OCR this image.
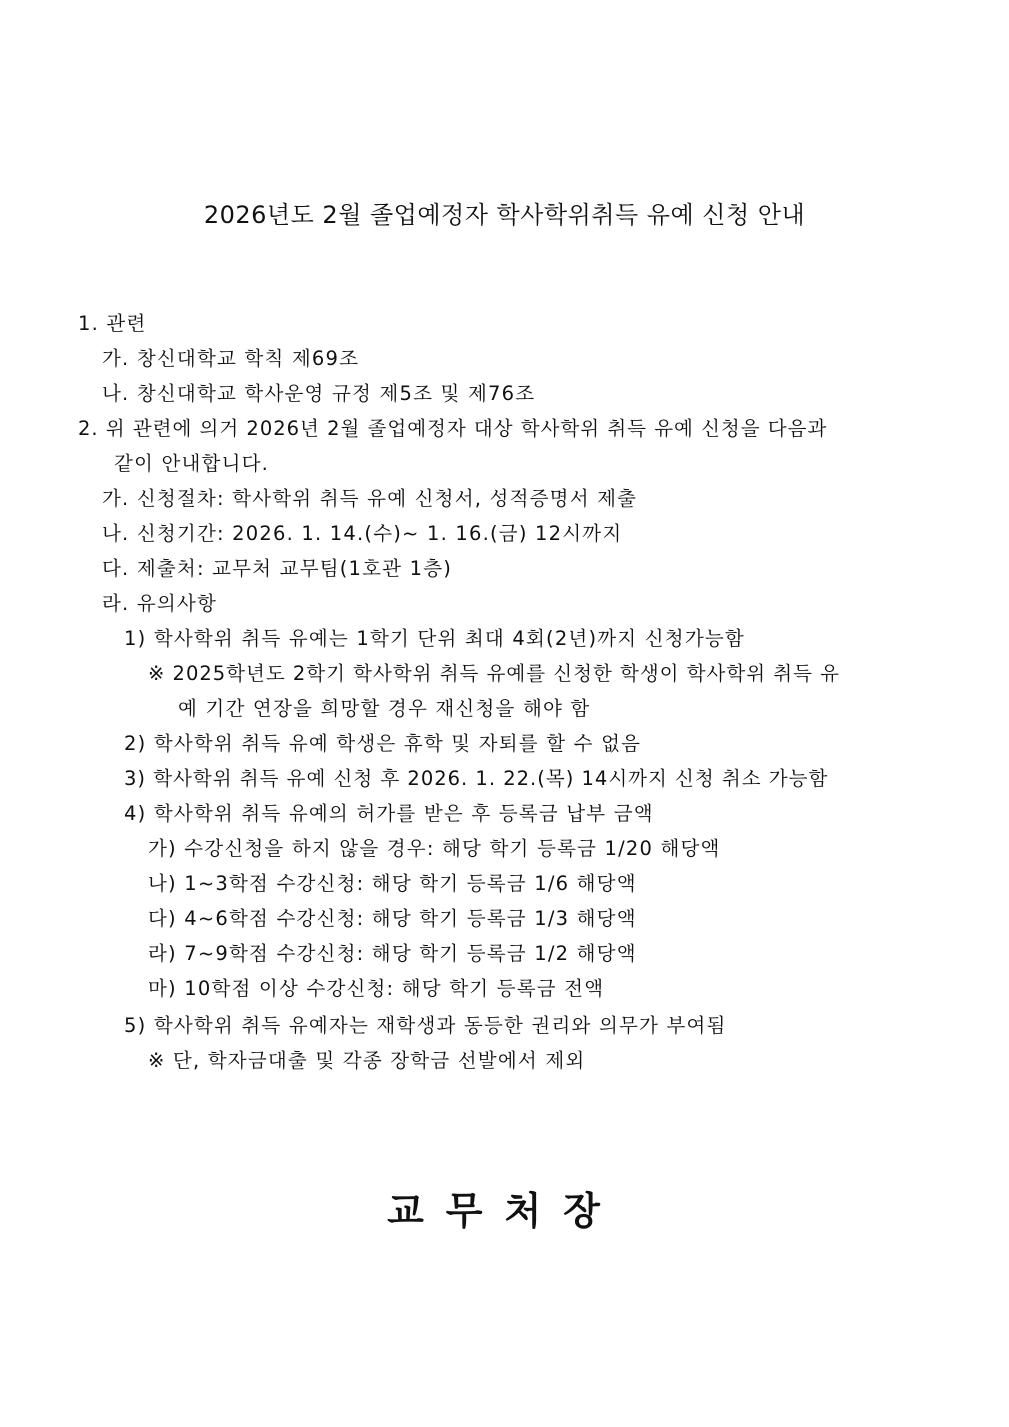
2026년도 2월 졸업예정자 학사학위취득 유예 신청 안내
1. 관련
가. 창신대학교 학칙 제69조
나. 창신대학교 학사운영 규정 제5조 및 제76조
2. 위 관련에 의거 2026년 2월 졸업예정자 대상 학사학위 취득 유예 신청을 다음과
같이 안내합니다.
가. 신청절차: 학사학위 취득 유예 신청서, 성적증명서 제출
나. 신청기간: 2026. 1. 14.(수)~ 1. 16.(금) 12시까지
다. 제출처: 교무처 교무팀(1호관 1층)
라. 유의사항
1) 학사학위 취득 유예는 1학기 단위 최대 4회(2년)까지 신청가능함
※ 2025학년도 2학기 학사학위 취득 유예를 신청한 학생이 학사학위 취득 유
예 기간 연장을 희망할 경우 재신청을 해야 함
2) 학사학위 취득 유예 학생은 휴학 및 자퇴를 할 수 없음
3) 학사학위 취득 유예 신청 후 2026. 1. 22.(목) 14시까지 신청 취소 가능함
4) 학사학위 취득 유예의 허가를 받은 후 등록금 납부 금액
가) 수강신청을 하지 않을 경우: 해당 학기 등록금 1/20 해당액
나) 1~3학점 수강신청: 해당 학기 등록금 1/6 해당액
다) 4~6학점 수강신청: 해당 학기 등록금 1/3 해당액
라) 7~9학점 수강신청: 해당 학기 등록금 1/2 해당액
마) 10학점 이상 수강신청: 해당 학기 등록금 전액
5) 학사학위 취득 유예자는 재학생과 동등한 권리와 의무가 부여됨
※ 단, 학자금대출 및 각종 장학금 선발에서 제외
교무처장
